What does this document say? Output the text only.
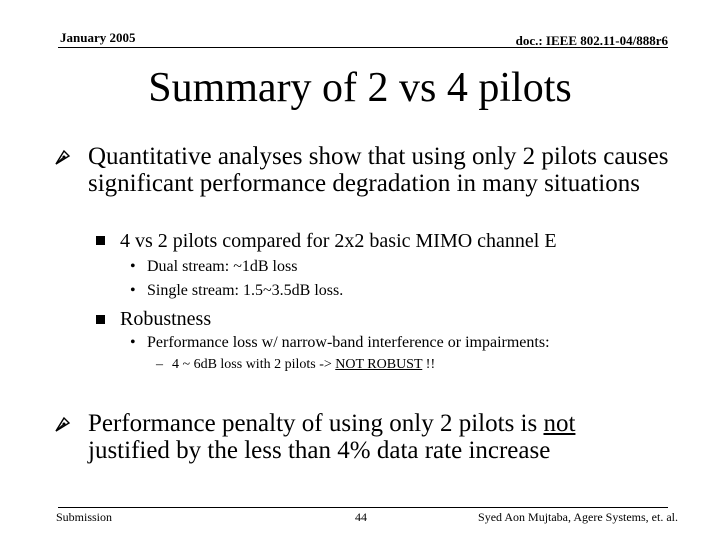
January 2005	doc.: IEEE 802.11-04/888r6
Summary of 2 vs 4 pilots
Quantitative analyses show that using only 2 pilots causes significant performance degradation in many situations
4 vs 2 pilots compared for 2x2 basic MIMO channel E
• Dual stream: ~1dB loss
• Single stream: 1.5~3.5dB loss.
Robustness
• Performance loss w/ narrow-band interference or impairments:
– 4 ~ 6dB loss with 2 pilots -> NOT ROBUST !!
Performance penalty of using only 2 pilots is not justified by the less than 4% data rate increase
Submission	44	Syed Aon Mujtaba, Agere Systems, et. al.
